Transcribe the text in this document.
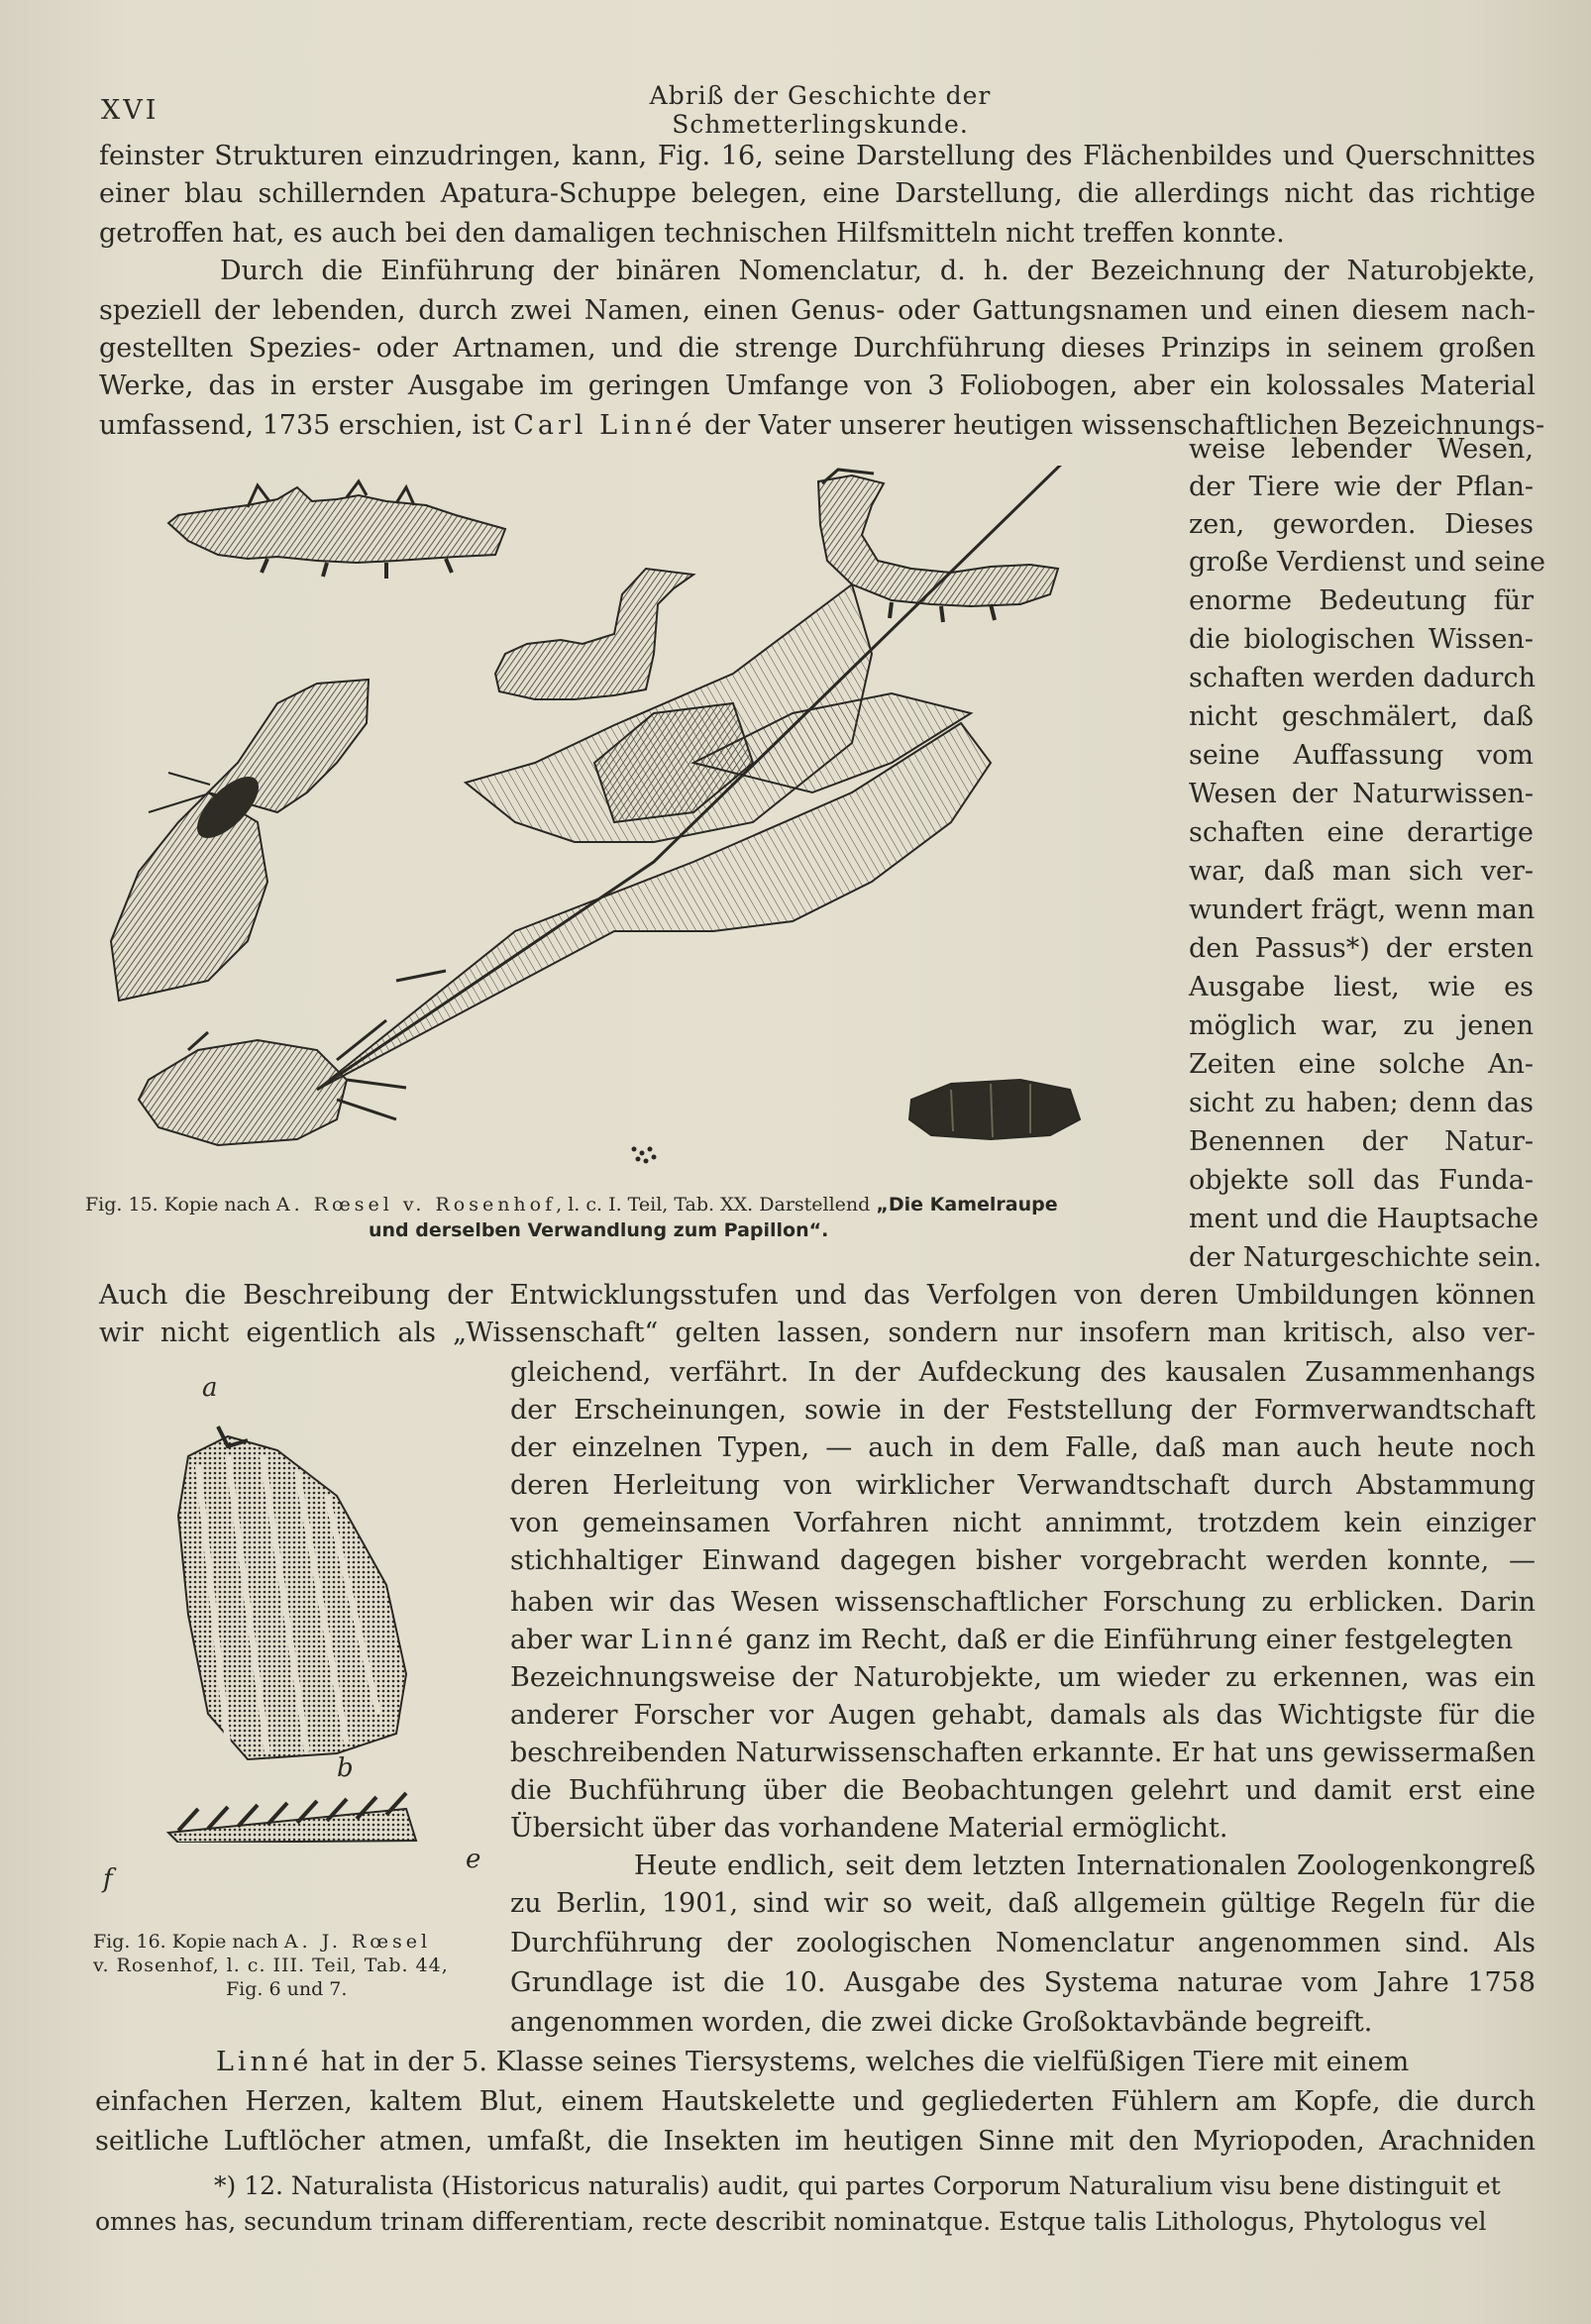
XVI	Abriß der Geschichte der Schmetterlingskunde.
feinster Strukturen einzudringen, kann, Fig. 16, seine Darstellung des Flächenbildes und Querschnittes
einer blau schillernden Apatura-Schuppe belegen, eine Darstellung, die allerdings nicht das richtige
getroffen hat, es auch bei den damaligen technischen Hilfsmitteln nicht treffen konnte.
Durch die Einführung der binären Nomenclatur, d. h. der Bezeichnung der Naturobjekte,
speziell der lebenden, durch zwei Namen, einen Genus- oder Gattungsnamen und einen diesem nach-
gestellten Spezies- oder Artnamen, und die strenge Durchführung dieses Prinzips in seinem großen
Werke, das in erster Ausgabe im geringen Umfange von 3 Foliobogen, aber ein kolossales Material
umfassend, 1735 erschien, ist Carl Linné der Vater unserer heutigen wissenschaftlichen Bezeichnungs-
weise lebender Wesen,
der Tiere wie der Pflan-
zen, geworden. Dieses
große Verdienst und seine
enorme Bedeutung für
die biologischen Wissen-
schaften werden dadurch
nicht geschmälert, daß
seine Auffassung vom
Wesen der Naturwissen-
schaften eine derartige
war, daß man sich ver-
wundert frägt, wenn man
den Passus*) der ersten
Ausgabe liest, wie es
möglich war, zu jenen
Zeiten eine solche An-
sicht zu haben; denn das
Benennen der Natur-
objekte soll das Funda-
ment und die Hauptsache
der Naturgeschichte sein.
Fig. 15. Kopie nach A. Rœsel v. Rosenhof, l. c. I. Teil, Tab. XX. Darstellend „Die Kamelraupe
und derselben Verwandlung zum Papillon“.
Auch die Beschreibung der Entwicklungsstufen und das Verfolgen von deren Umbildungen können
wir nicht eigentlich als „Wissenschaft“ gelten lassen, sondern nur insofern man kritisch, also ver-
a
b
e
f
Fig. 16. Kopie nach A. J. Rœsel
v. Rosenhof, l. c. III. Teil, Tab. 44,
Fig. 6 und 7.
gleichend, verfährt. In der Aufdeckung des kausalen Zusammenhangs
der Erscheinungen, sowie in der Feststellung der Formverwandtschaft
der einzelnen Typen, — auch in dem Falle, daß man auch heute noch
deren Herleitung von wirklicher Verwandtschaft durch Abstammung
von gemeinsamen Vorfahren nicht annimmt, trotzdem kein einziger
stichhaltiger Einwand dagegen bisher vorgebracht werden konnte, —
haben wir das Wesen wissenschaftlicher Forschung zu erblicken. Darin
aber war Linné ganz im Recht, daß er die Einführung einer festgelegten
Bezeichnungsweise der Naturobjekte, um wieder zu erkennen, was ein
anderer Forscher vor Augen gehabt, damals als das Wichtigste für die
beschreibenden Naturwissenschaften erkannte. Er hat uns gewissermaßen
die Buchführung über die Beobachtungen gelehrt und damit erst eine
Übersicht über das vorhandene Material ermöglicht.
Heute endlich, seit dem letzten Internationalen Zoologenkongreß
zu Berlin, 1901, sind wir so weit, daß allgemein gültige Regeln für die
Durchführung der zoologischen Nomenclatur angenommen sind. Als
Grundlage ist die 10. Ausgabe des Systema naturae vom Jahre 1758
angenommen worden, die zwei dicke Großoktavbände begreift.
Linné hat in der 5. Klasse seines Tiersystems, welches die vielfüßigen Tiere mit einem
einfachen Herzen, kaltem Blut, einem Hautskelette und gegliederten Fühlern am Kopfe, die durch
seitliche Luftlöcher atmen, umfaßt, die Insekten im heutigen Sinne mit den Myriopoden, Arachniden
*) 12. Naturalista (Historicus naturalis) audit, qui partes Corporum Naturalium visu bene distinguit et
omnes has, secundum trinam differentiam, recte describit nominatque. Estque talis Lithologus, Phytologus vel
